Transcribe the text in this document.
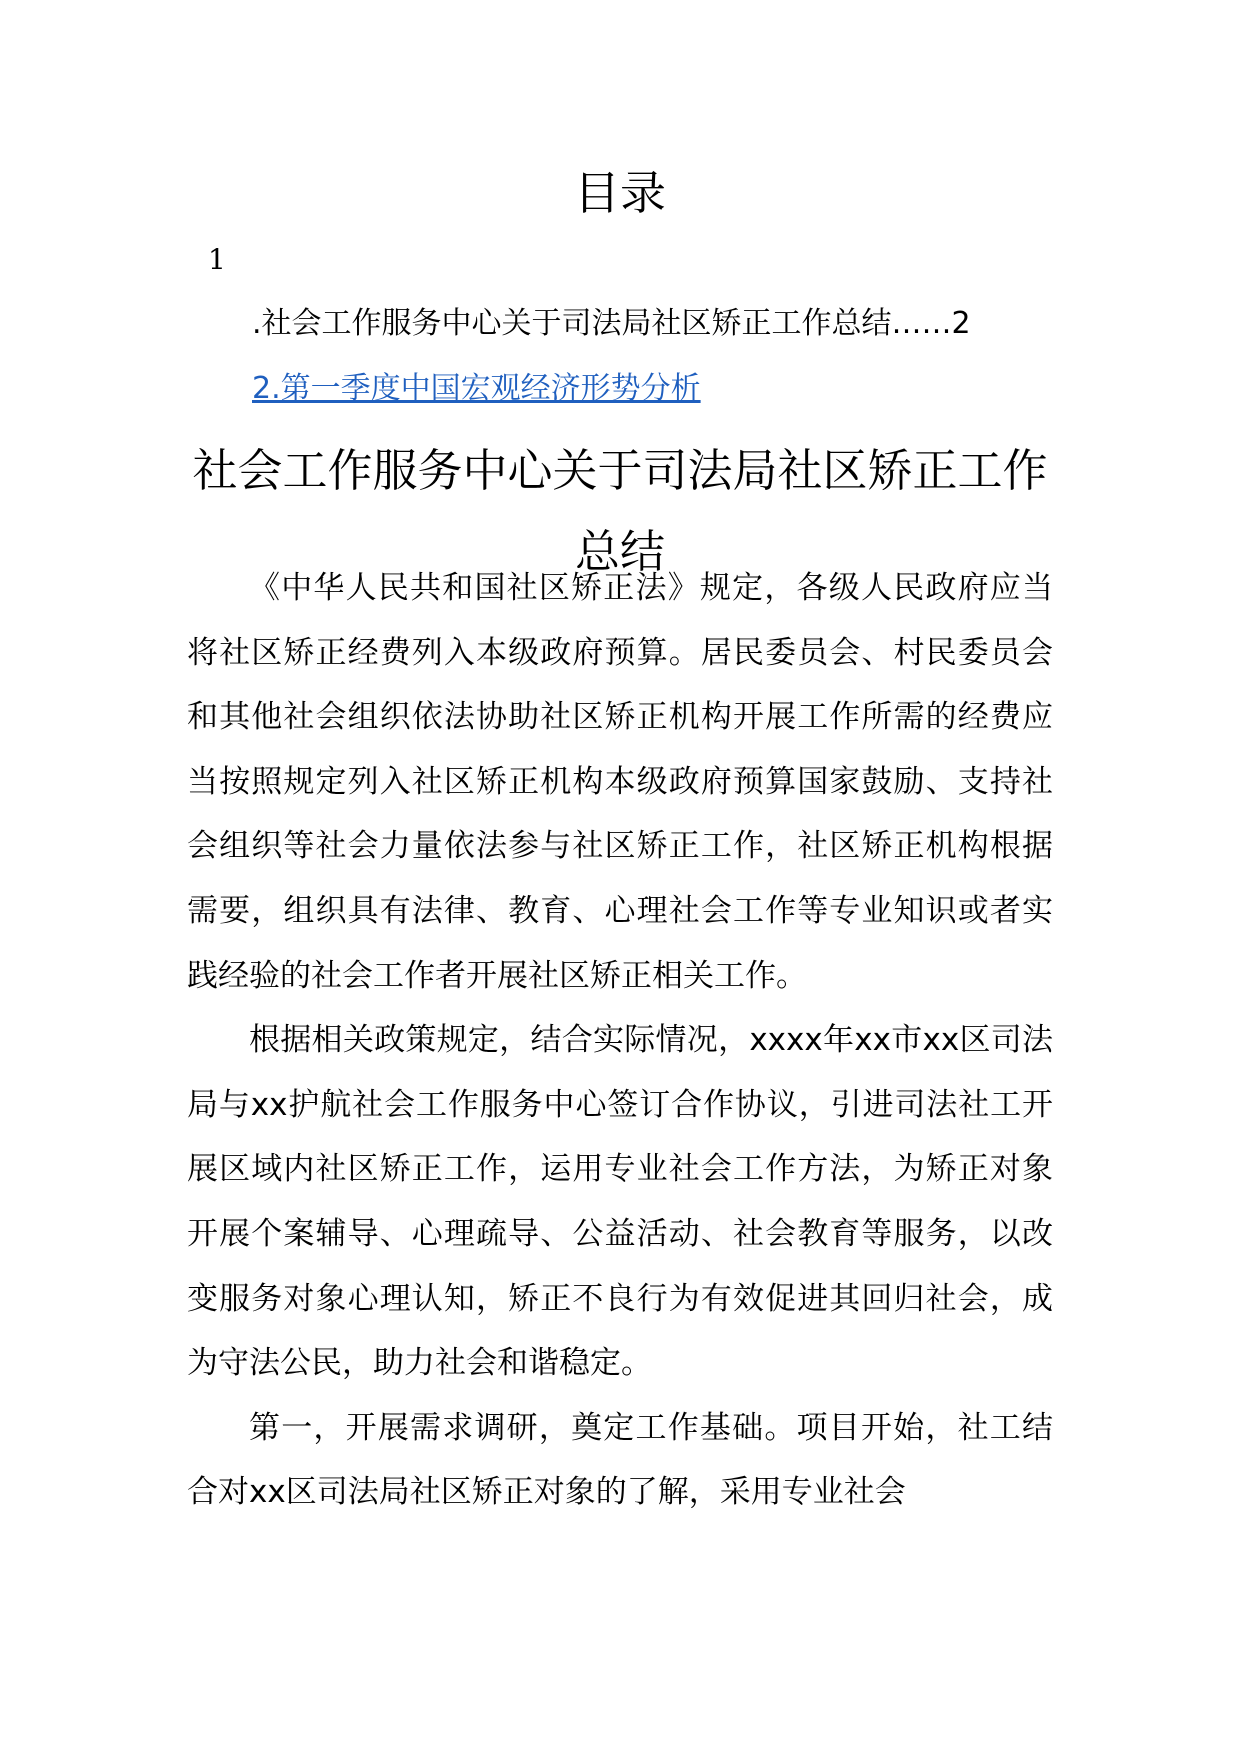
目录
1
.社会工作服务中心关于司法局社区矫正工作总结……2
2.第一季度中国宏观经济形势分析
社会工作服务中心关于司法局社区矫正工作总结

《中华人民共和国社区矫正法》规定，各级人民政府应当将社区矫正经费列入本级政府预算。居民委员会、村民委员会和其他社会组织依法协助社区矫正机构开展工作所需的经费应当按照规定列入社区矫正机构本级政府预算国家鼓励、支持社会组织等社会力量依法参与社区矫正工作，社区矫正机构根据需要，组织具有法律、教育、心理社会工作等专业知识或者实践经验的社会工作者开展社区矫正相关工作。

根据相关政策规定，结合实际情况，xxxx年xx市xx区司法局与xx护航社会工作服务中心签订合作协议，引进司法社工开展区域内社区矫正工作，运用专业社会工作方法，为矫正对象开展个案辅导、心理疏导、公益活动、社会教育等服务，以改变服务对象心理认知，矫正不良行为有效促进其回归社会，成为守法公民，助力社会和谐稳定。

第一，开展需求调研，奠定工作基础。项目开始，社工结合对xx区司法局社区矫正对象的了解，采用专业社会
